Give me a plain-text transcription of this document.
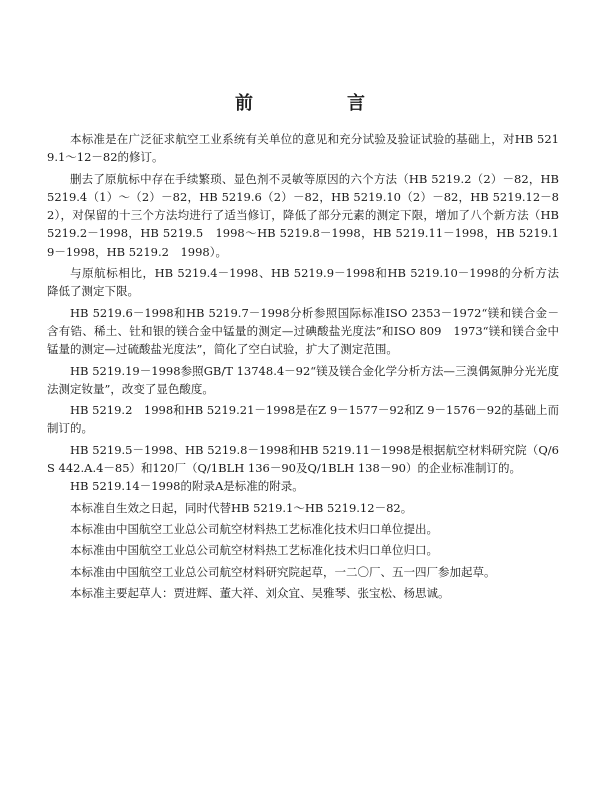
前　言

本标准是在广泛征求航空工业系统有关单位的意见和充分试验及验证试验的基础上，对HB 5219.1～12－82的修订。

删去了原航标中存在手续繁琐、显色剂不灵敏等原因的六个方法（HB 5219.2（2）－82，HB 5219.4（1）～（2）－82，HB 5219.6（2）－82，HB 5219.10（2）－82，HB 5219.12－82），对保留的十三个方法均进行了适当修订，降低了部分元素的测定下限，增加了八个新方法（HB 5219.2－1998，HB 5219.5　1998～HB 5219.8－1998，HB 5219.11－1998，HB 5219.19－1998，HB 5219.2　1998）。

与原航标相比，HB 5219.4－1998、HB 5219.9－1998和HB 5219.10－1998的分析方法降低了测定下限。

HB 5219.6－1998和HB 5219.7－1998分析参照国际标准ISO 2353－1972“镁和镁合金－含有锆、稀土、钍和银的镁合金中锰量的测定—过碘酸盐光度法”和ISO 809　1973“镁和镁合金中锰量的测定—过硫酸盐光度法”，简化了空白试验，扩大了测定范围。

HB 5219.19－1998参照GB/T 13748.4－92“镁及镁合金化学分析方法—三溴偶氮胂分光光度法测定钕量”，改变了显色酸度。

HB 5219.2　1998和HB 5219.21－1998是在Z 9－1577－92和Z 9－1576－92的基础上而制订的。

HB 5219.5－1998、HB 5219.8－1998和HB 5219.11－1998是根据航空材料研究院（Q/6S 442.A.4－85）和120厂（Q/1BLH 136－90及Q/1BLH 138－90）的企业标准制订的。

HB 5219.14－1998的附录A是标准的附录。

本标准自生效之日起，同时代替HB 5219.1～HB 5219.12－82。

本标准由中国航空工业总公司航空材料热工艺标准化技术归口单位提出。

本标准由中国航空工业总公司航空材料热工艺标准化技术归口单位归口。

本标准由中国航空工业总公司航空材料研究院起草，一二〇厂、五一四厂参加起草。

本标准主要起草人：贾进辉、董大祥、刘众宜、吴雅琴、张宝松、杨思诚。
